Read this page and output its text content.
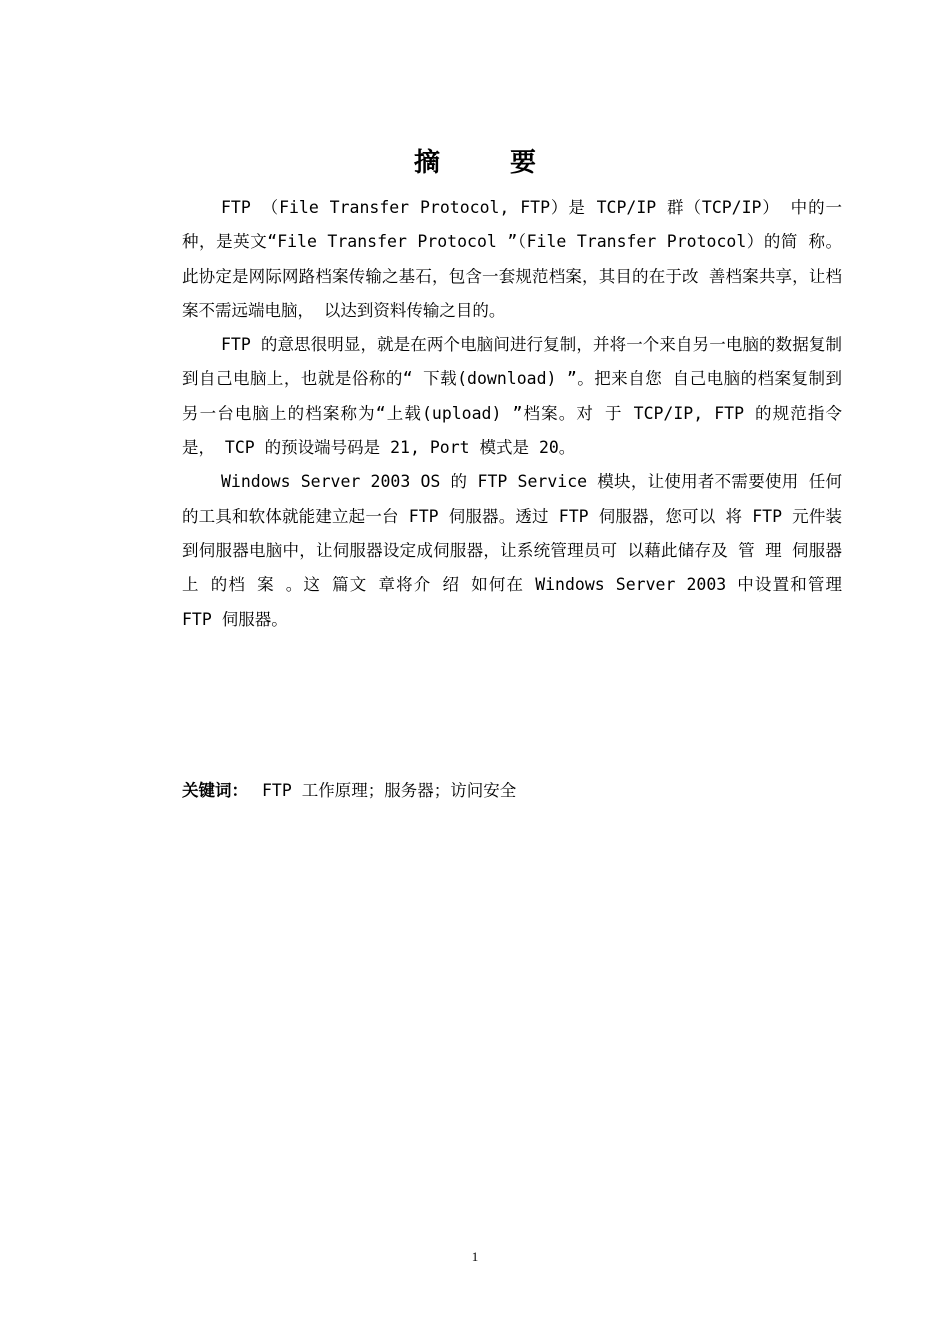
摘　要

FTP （File Transfer Protocol, FTP）是 TCP/IP 群（TCP/IP） 中的一 种，是英文“File Transfer Protocol ”（File Transfer Protocol）的简 称。此协定是网际网路档案传输之基石，包含一套规范档案，其目的在于改 善档案共享，让档案不需远端电脑， 以达到资料传输之目的。

FTP 的意思很明显，就是在两个电脑间进行复制，并将一个来自另一电脑的数据复制到自己电脑上，也就是俗称的“ 下载(download) ”。把来自您 自己电脑的档案复制到另一台电脑上的档案称为“上载(upload) ”档案。对 于 TCP/IP, FTP 的规范指令是， TCP 的预设端号码是 21, Port 模式是 20。

Windows Server 2003 OS 的 FTP Service 模块，让使用者不需要使用 任何的工具和软体就能建立起一台 FTP 伺服器。透过 FTP 伺服器，您可以 将 FTP 元件装到伺服器电脑中，让伺服器设定成伺服器，让系统管理员可 以藉此储存及 管 理 伺服器上 的档 案 。这 篇文 章将介 绍 如何在 Windows Server 2003 中设置和管理 FTP 伺服器。

关键词： FTP 工作原理；服务器；访问安全
1
